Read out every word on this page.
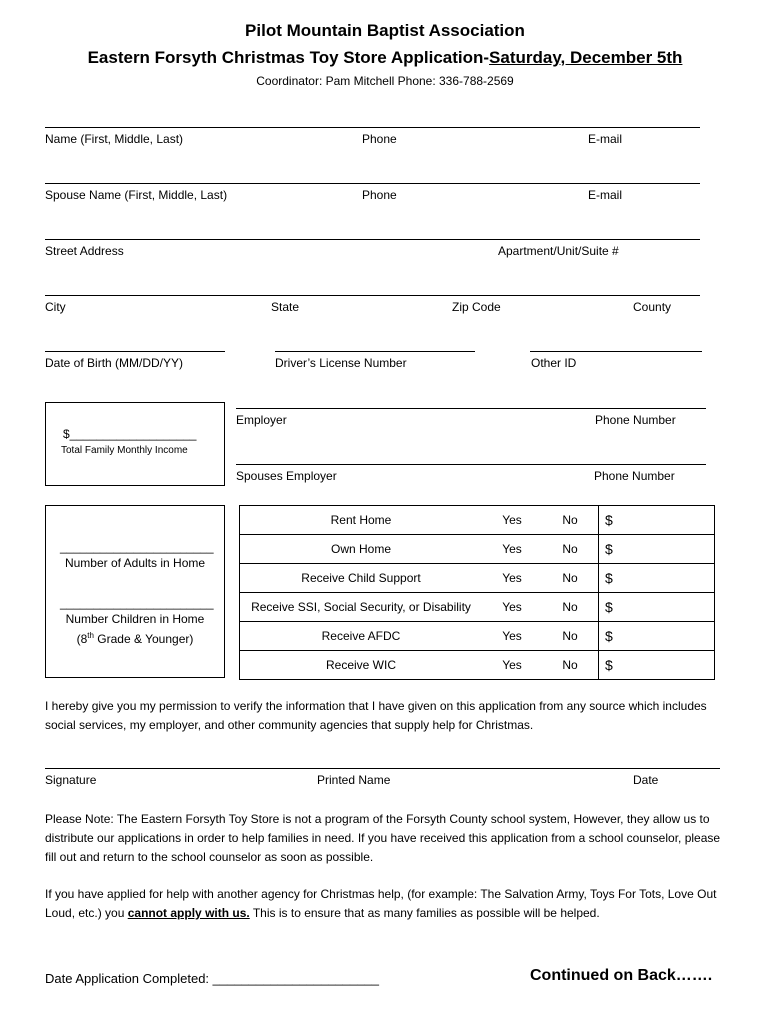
Pilot Mountain Baptist Association
Eastern Forsyth Christmas Toy Store Application-Saturday, December 5th
Coordinator: Pam Mitchell Phone: 336-788-2569
Name (First, Middle, Last)	Phone	E-mail
Spouse Name (First, Middle, Last)	Phone	E-mail
Street Address	Apartment/Unit/Suite #
City	State	Zip Code	County
Date of Birth (MM/DD/YY)	Driver’s License Number	Other ID
$___________________
Total Family Monthly Income
Employer	Phone Number
Spouses Employer	Phone Number
_______________________
Number of Adults in Home
_______________________
Number Children in Home
(8th Grade & Younger)
Rent Home	Yes	No	$
Own Home	Yes	No	$
Receive Child Support	Yes	No	$
Receive SSI, Social Security, or Disability	Yes	No	$
Receive AFDC	Yes	No	$
Receive WIC	Yes	No	$
I hereby give you my permission to verify the information that I have given on this application from any source which includes social services, my employer, and other community agencies that supply help for Christmas.
Signature	Printed Name	Date
Please Note: The Eastern Forsyth Toy Store is not a program of the Forsyth County school system, However, they allow us to distribute our applications in order to help families in need. If you have received this application from a school counselor, please fill out and return to the school counselor as soon as possible.
If you have applied for help with another agency for Christmas help, (for example: The Salvation Army, Toys For Tots, Love Out Loud, etc.) you cannot apply with us. This is to ensure that as many families as possible will be helped.
Date Application Completed: _______________________	Continued on Back…….
